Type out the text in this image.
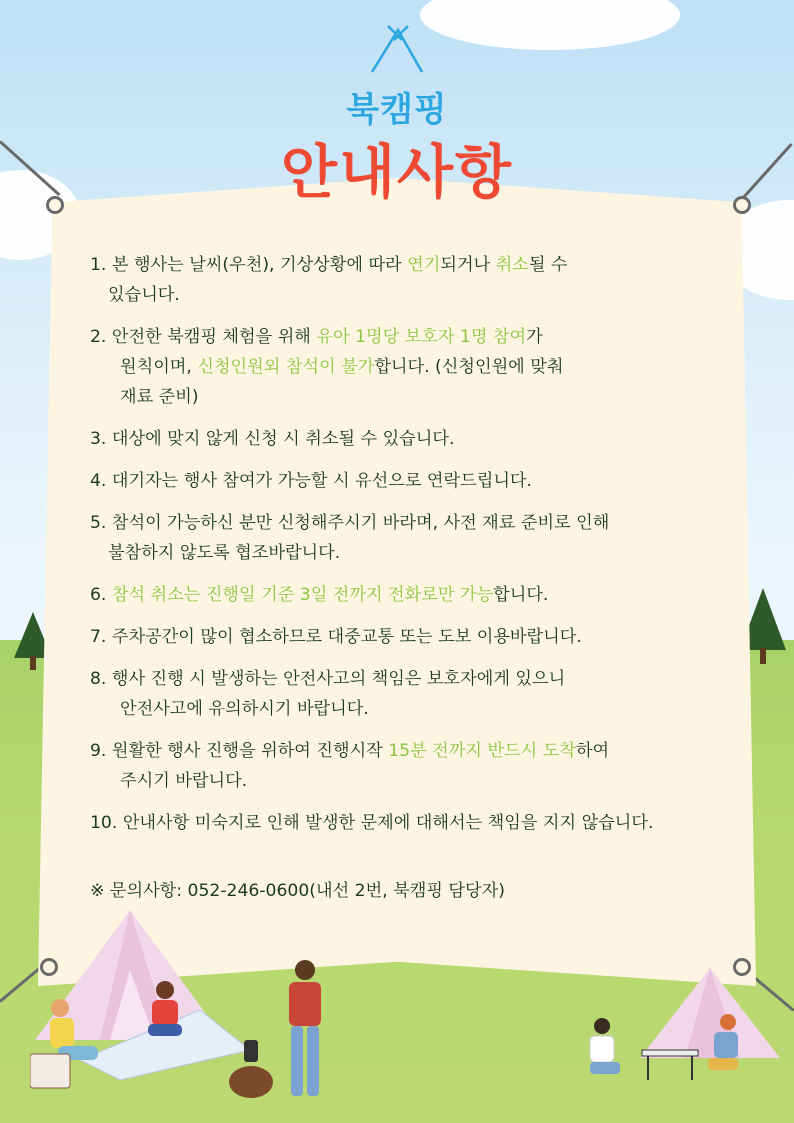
북캠핑
안내사항
1. 본 행사는 날씨(우천), 기상상황에 따라 연기되거나 취소될 수
있습니다.
2. 안전한 북캠핑 체험을 위해 유아 1명당 보호자 1명 참여가
원칙이며, 신청인원외 참석이 불가합니다. (신청인원에 맞춰
재료 준비)
3. 대상에 맞지 않게 신청 시 취소될 수 있습니다.
4. 대기자는 행사 참여가 가능할 시 유선으로 연락드립니다.
5. 참석이 가능하신 분만 신청해주시기 바라며, 사전 재료 준비로 인해
불참하지 않도록 협조바랍니다.
6. 참석 취소는 진행일 기준 3일 전까지 전화로만 가능합니다.
7. 주차공간이 많이 협소하므로 대중교통 또는 도보 이용바랍니다.
8. 행사 진행 시 발생하는 안전사고의 책임은 보호자에게 있으니
안전사고에 유의하시기 바랍니다.
9. 원활한 행사 진행을 위하여 진행시작 15분 전까지 반드시 도착하여
주시기 바랍니다.
10. 안내사항 미숙지로 인해 발생한 문제에 대해서는 책임을 지지 않습니다.
※ 문의사항: 052-246-0600(내선 2번, 북캠핑 담당자)
